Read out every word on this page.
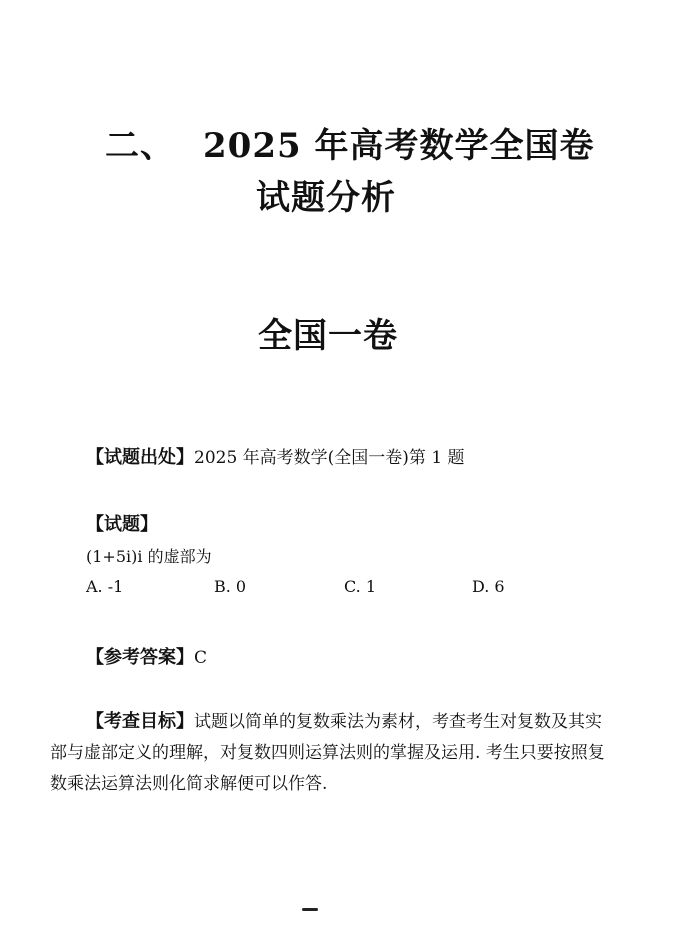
二、 2025 年高考数学全国卷
试题分析
全国一卷
【试题出处】2025 年高考数学(全国一卷)第 1 题
【试题】
(1+5i)i 的虚部为
A. -1	B. 0	C. 1	D. 6
【参考答案】C
【考查目标】试题以简单的复数乘法为素材，考查考生对复数及其实部与虚部定义的理解，对复数四则运算法则的掌握及运用. 考生只要按照复数乘法运算法则化简求解便可以作答.
